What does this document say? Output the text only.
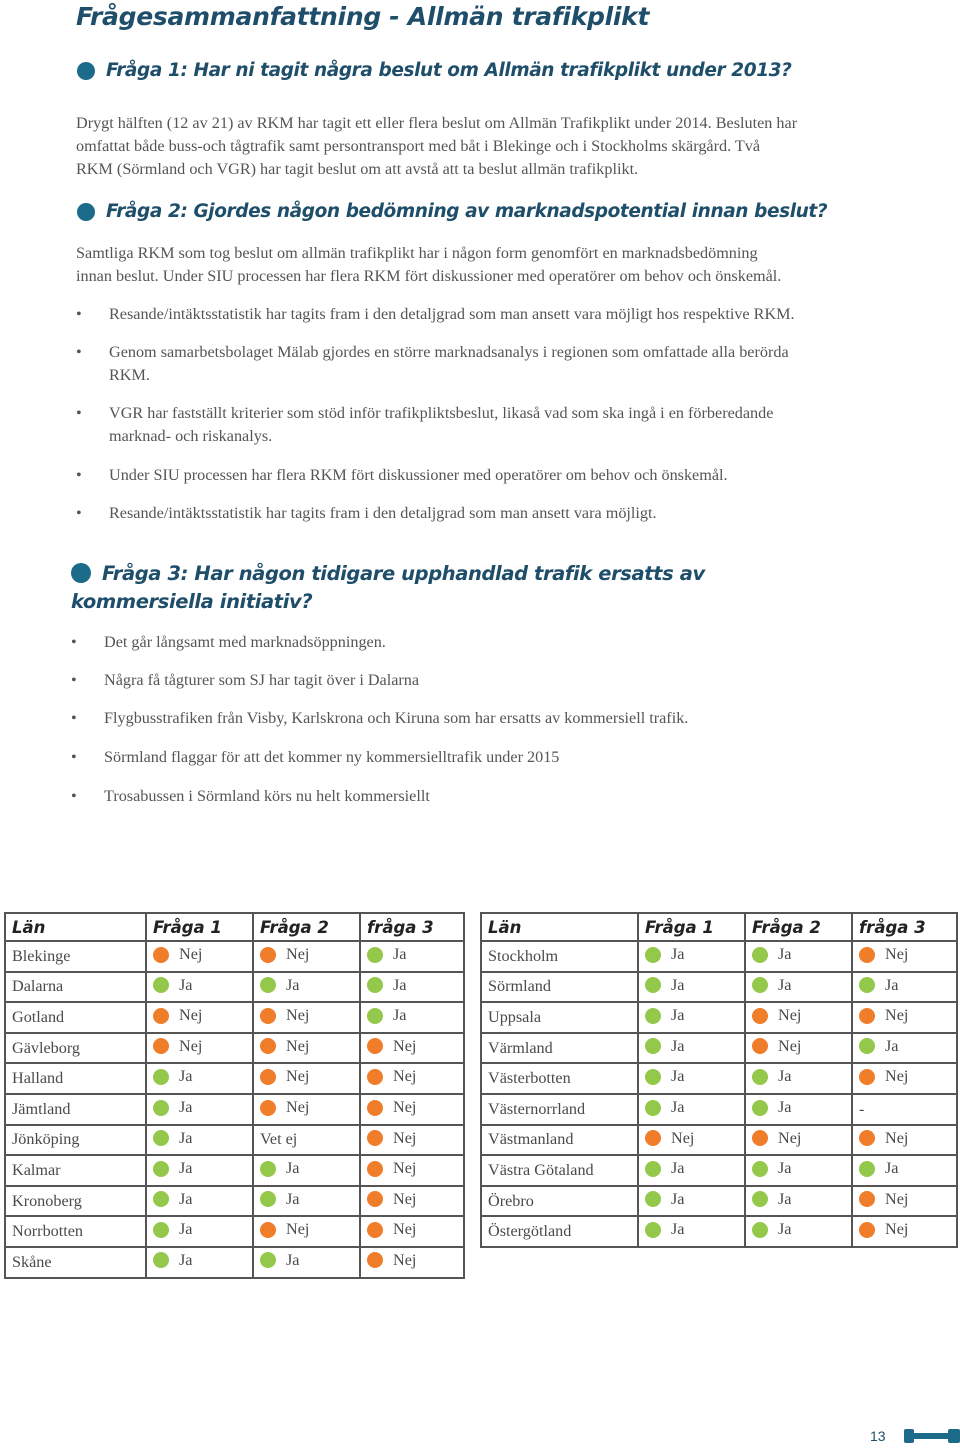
Frågesammanfattning - Allmän trafikplikt
Fråga 1: Har ni tagit några beslut om Allmän trafikplikt under 2013?
Drygt hälften (12 av 21) av RKM har tagit ett eller flera beslut om Allmän Trafikplikt under 2014. Besluten har
omfattat både buss-och tågtrafik samt persontransport med båt i Blekinge och i Stockholms skärgård. Två
RKM (Sörmland och VGR) har tagit beslut om att avstå att ta beslut allmän trafikplikt.
Fråga 2: Gjordes någon bedömning av marknadspotential innan beslut?
Samtliga RKM som tog beslut om allmän trafikplikt har i någon form genomfört en marknadsbedömning
innan beslut. Under SIU processen har flera RKM fört diskussioner med operatörer om behov och önskemål.
• Resande/intäktsstatistik har tagits fram i den detaljgrad som man ansett vara möjligt hos respektive RKM.
• Genom samarbetsbolaget Mälab gjordes en större marknadsanalys i regionen som omfattade alla berörda
RKM.
• VGR har fastställt kriterier som stöd inför trafikpliktsbeslut, likaså vad som ska ingå i en förberedande
marknad- och riskanalys.
• Under SIU processen har flera RKM fört diskussioner med operatörer om behov och önskemål.
• Resande/intäktsstatistik har tagits fram i den detaljgrad som man ansett vara möjligt.
Fråga 3: Har någon tidigare upphandlad trafik ersatts av
kommersiella initiativ?
• Det går långsamt med marknadsöppningen.
• Några få tågturer som SJ har tagit över i Dalarna
• Flygbusstrafiken från Visby, Karlskrona och Kiruna som har ersatts av kommersiell trafik.
• Sörmland flaggar för att det kommer ny kommersielltrafik under 2015
• Trosabussen i Sörmland körs nu helt kommersiellt
Län	Fråga 1	Fråga 2	fråga 3
Blekinge	Nej	Nej	Ja

Dalarna	Ja	Ja	Ja

Gotland	Nej	Nej	Ja

Gävleborg	Nej	Nej	Nej

Halland	Ja	Nej	Nej

Jämtland	Ja	Nej	Nej

Jönköping	Ja	Vet ej	Nej

Kalmar	Ja	Ja	Nej

Kronoberg	Ja	Ja	Nej

Norrbotten	Ja	Nej	Nej

Skåne	Ja	Ja	Nej
Län	Fråga 1	Fråga 2	fråga 3
Stockholm	Ja	Ja	Nej

Sörmland	Ja	Ja	Ja

Uppsala	Ja	Nej	Nej

Värmland	Ja	Nej	Ja

Västerbotten	Ja	Ja	Nej

Västernorrland	Ja	Ja	-

Västmanland	Nej	Nej	Nej

Västra Götaland	Ja	Ja	Ja

Örebro	Ja	Ja	Nej

Östergötland	Ja	Ja	Nej
13
